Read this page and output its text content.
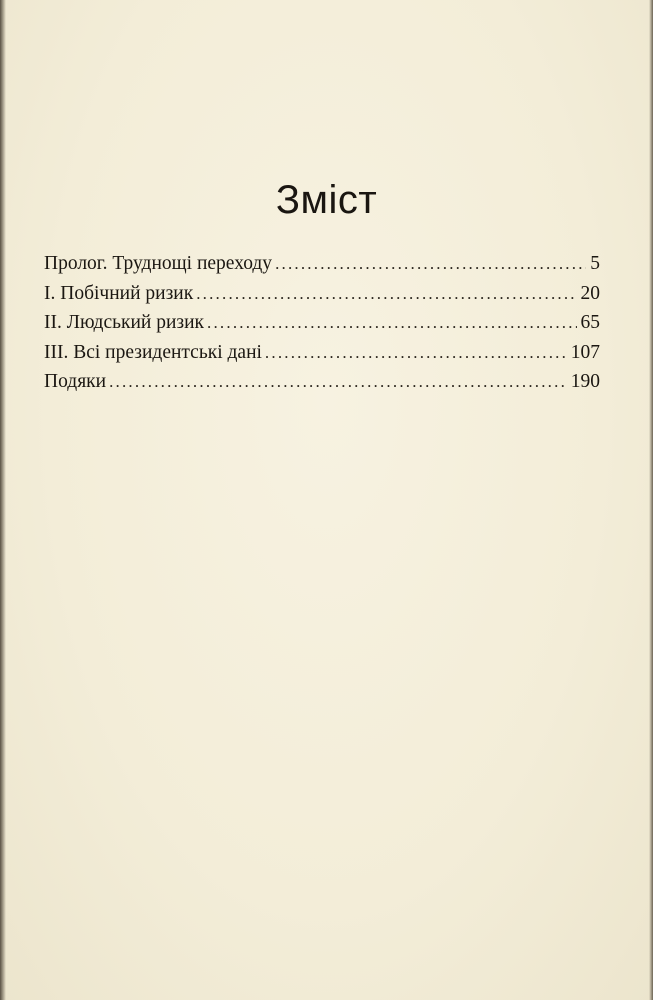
Зміст
Пролог. Труднощі переходу .....	5
I. Побічний ризик .....	20
II. Людський ризик .....	65
III. Всі президентські дані .....	107
Подяки .....	190
